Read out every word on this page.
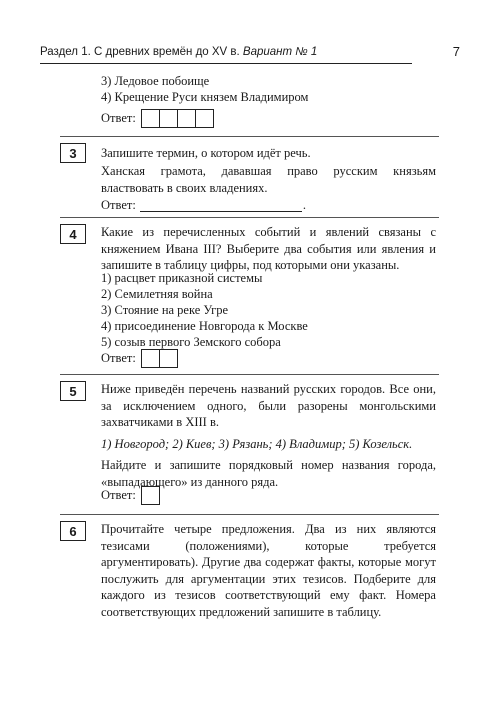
Раздел 1. С древних времён до XV в. Вариант № 1	7

3) Ледовое побоище

4) Крещение Руси князем Владимиром

Ответ:
3	Запишите термин, о котором идёт речь.

Ханская грамота, дававшая право русским князьям властвовать в своих владениях.

Ответ:	.
4	Какие из перечисленных событий и явлений связаны с княжением Ивана III? Выберите два события или явления и запишите в таблицу цифры, под которыми они указаны.

1) расцвет приказной системы

2) Семилетняя война

3) Стояние на реке Угре

4) присоединение Новгорода к Москве

5) созыв первого Земского собора

Ответ:
5	Ниже приведён перечень названий русских городов. Все они, за исключением одного, были разорены монгольскими захватчиками в XIII в.

1) Новгород; 2) Киев; 3) Рязань; 4) Владимир; 5) Козельск.

Найдите и запишите порядковый номер названия города, «выпадающего» из данного ряда.

Ответ:
6	Прочитайте четыре предложения. Два из них являются тезисами (положениями), которые требуется аргументировать). Другие два содержат факты, которые могут послужить для аргументации этих тезисов. Подберите для каждого из тезисов соответствующий ему факт. Номера соответствующих предложений запишите в таблицу.
